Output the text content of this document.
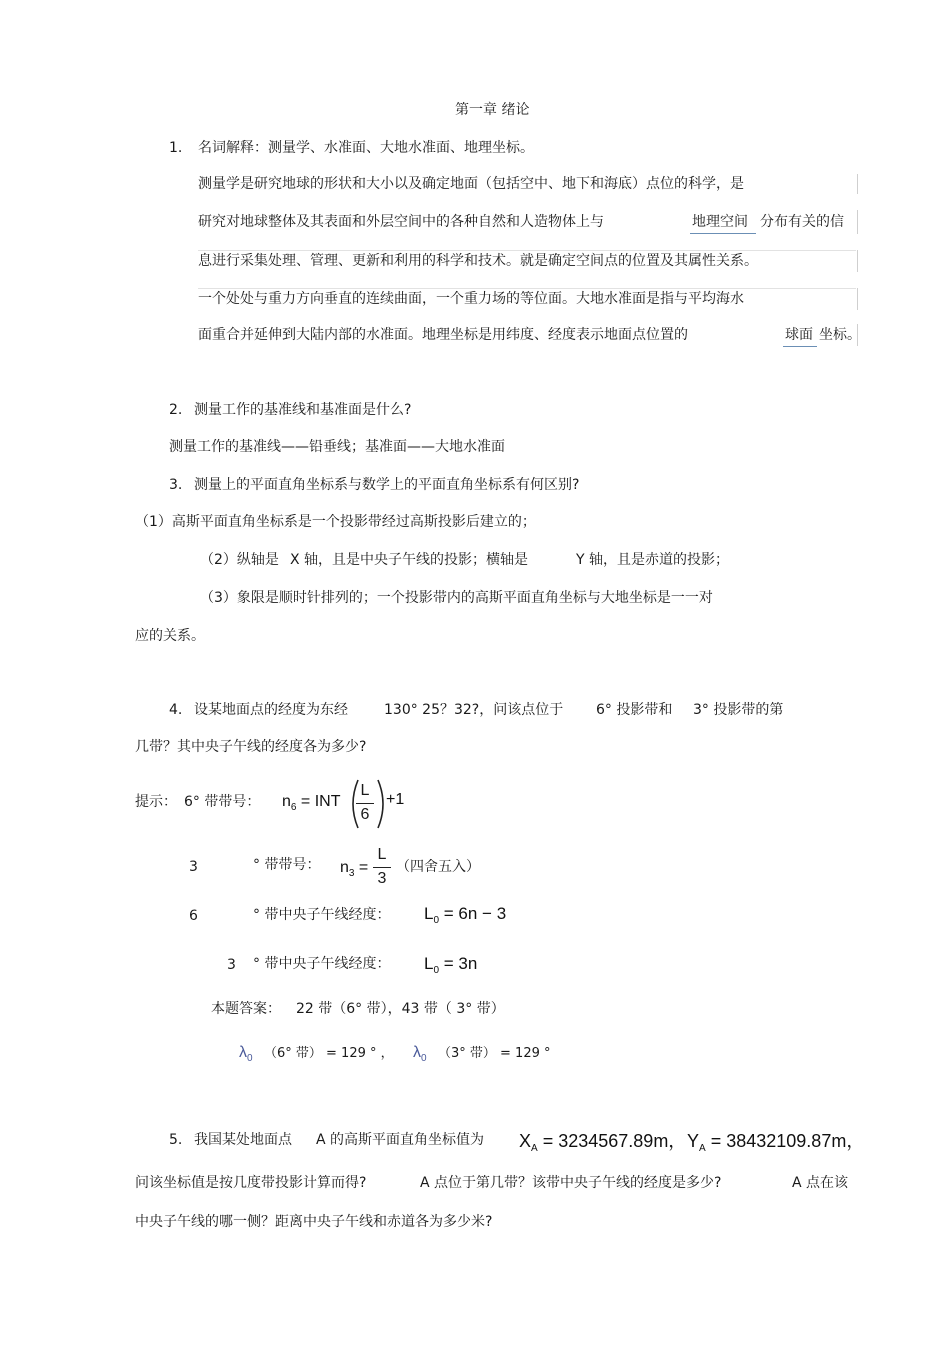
第一章 绪论
1. 名词解释：测量学、水准面、大地水准面、地理坐标。
测量学是研究地球的形状和大小以及确定地面（包括空中、地下和海底）点位的科学，是
研究对地球整体及其表面和外层空间中的各种自然和人造物体上与	地理空间 分布有关的信
息进行采集处理、管理、更新和利用的科学和技术。就是确定空间点的位置及其属性关系。
一个处处与重力方向垂直的连续曲面，一个重力场的等位面。大地水准面是指与平均海水
面重合并延伸到大陆内部的水准面。地理坐标是用纬度、经度表示地面点位置的	球面 坐标。
2. 测量工作的基准线和基准面是什么?
测量工作的基准线——铅垂线；基准面——大地水准面
3. 测量上的平面直角坐标系与数学上的平面直角坐标系有何区别?
（1）高斯平面直角坐标系是一个投影带经过高斯投影后建立的；
（2）纵轴是 X 轴，且是中央子午线的投影；横轴是	Y 轴，且是赤道的投影；
（3）象限是顺时针排列的；一个投影带内的高斯平面直角坐标与大地坐标是一一对
应的关系。
4. 设某地面点的经度为东经	130° 25？32?，问该点位于 6° 投影带和 3° 投影带的第
几带？其中央子午线的经度各为多少?
提示： 6° 带带号： $n_6$ = INT
L
6
+1
3	° 带带号： $n_3$ =
L
3
（四舍五入）
6	° 带中央子午线经度： $L_0 = 6n - 3$
3 ° 带中央子午线经度： $L_0 = 3n$
本题答案： 22 带（6° 带），43 带（ 3° 带）
$\lambda_0$ （6° 带） = 129 ° ， $\lambda_0$ （3° 带） = 129 °
5. 我国某处地面点 A 的高斯平面直角坐标值为 $X_A = 3234567.89m$， $Y_A = 38432109.87m$，
问该坐标值是按几度带投影计算而得?	A 点位于第几带？该带中央子午线的经度是多少?	A 点在该
中央子午线的哪一侧？距离中央子午线和赤道各为多少米?
